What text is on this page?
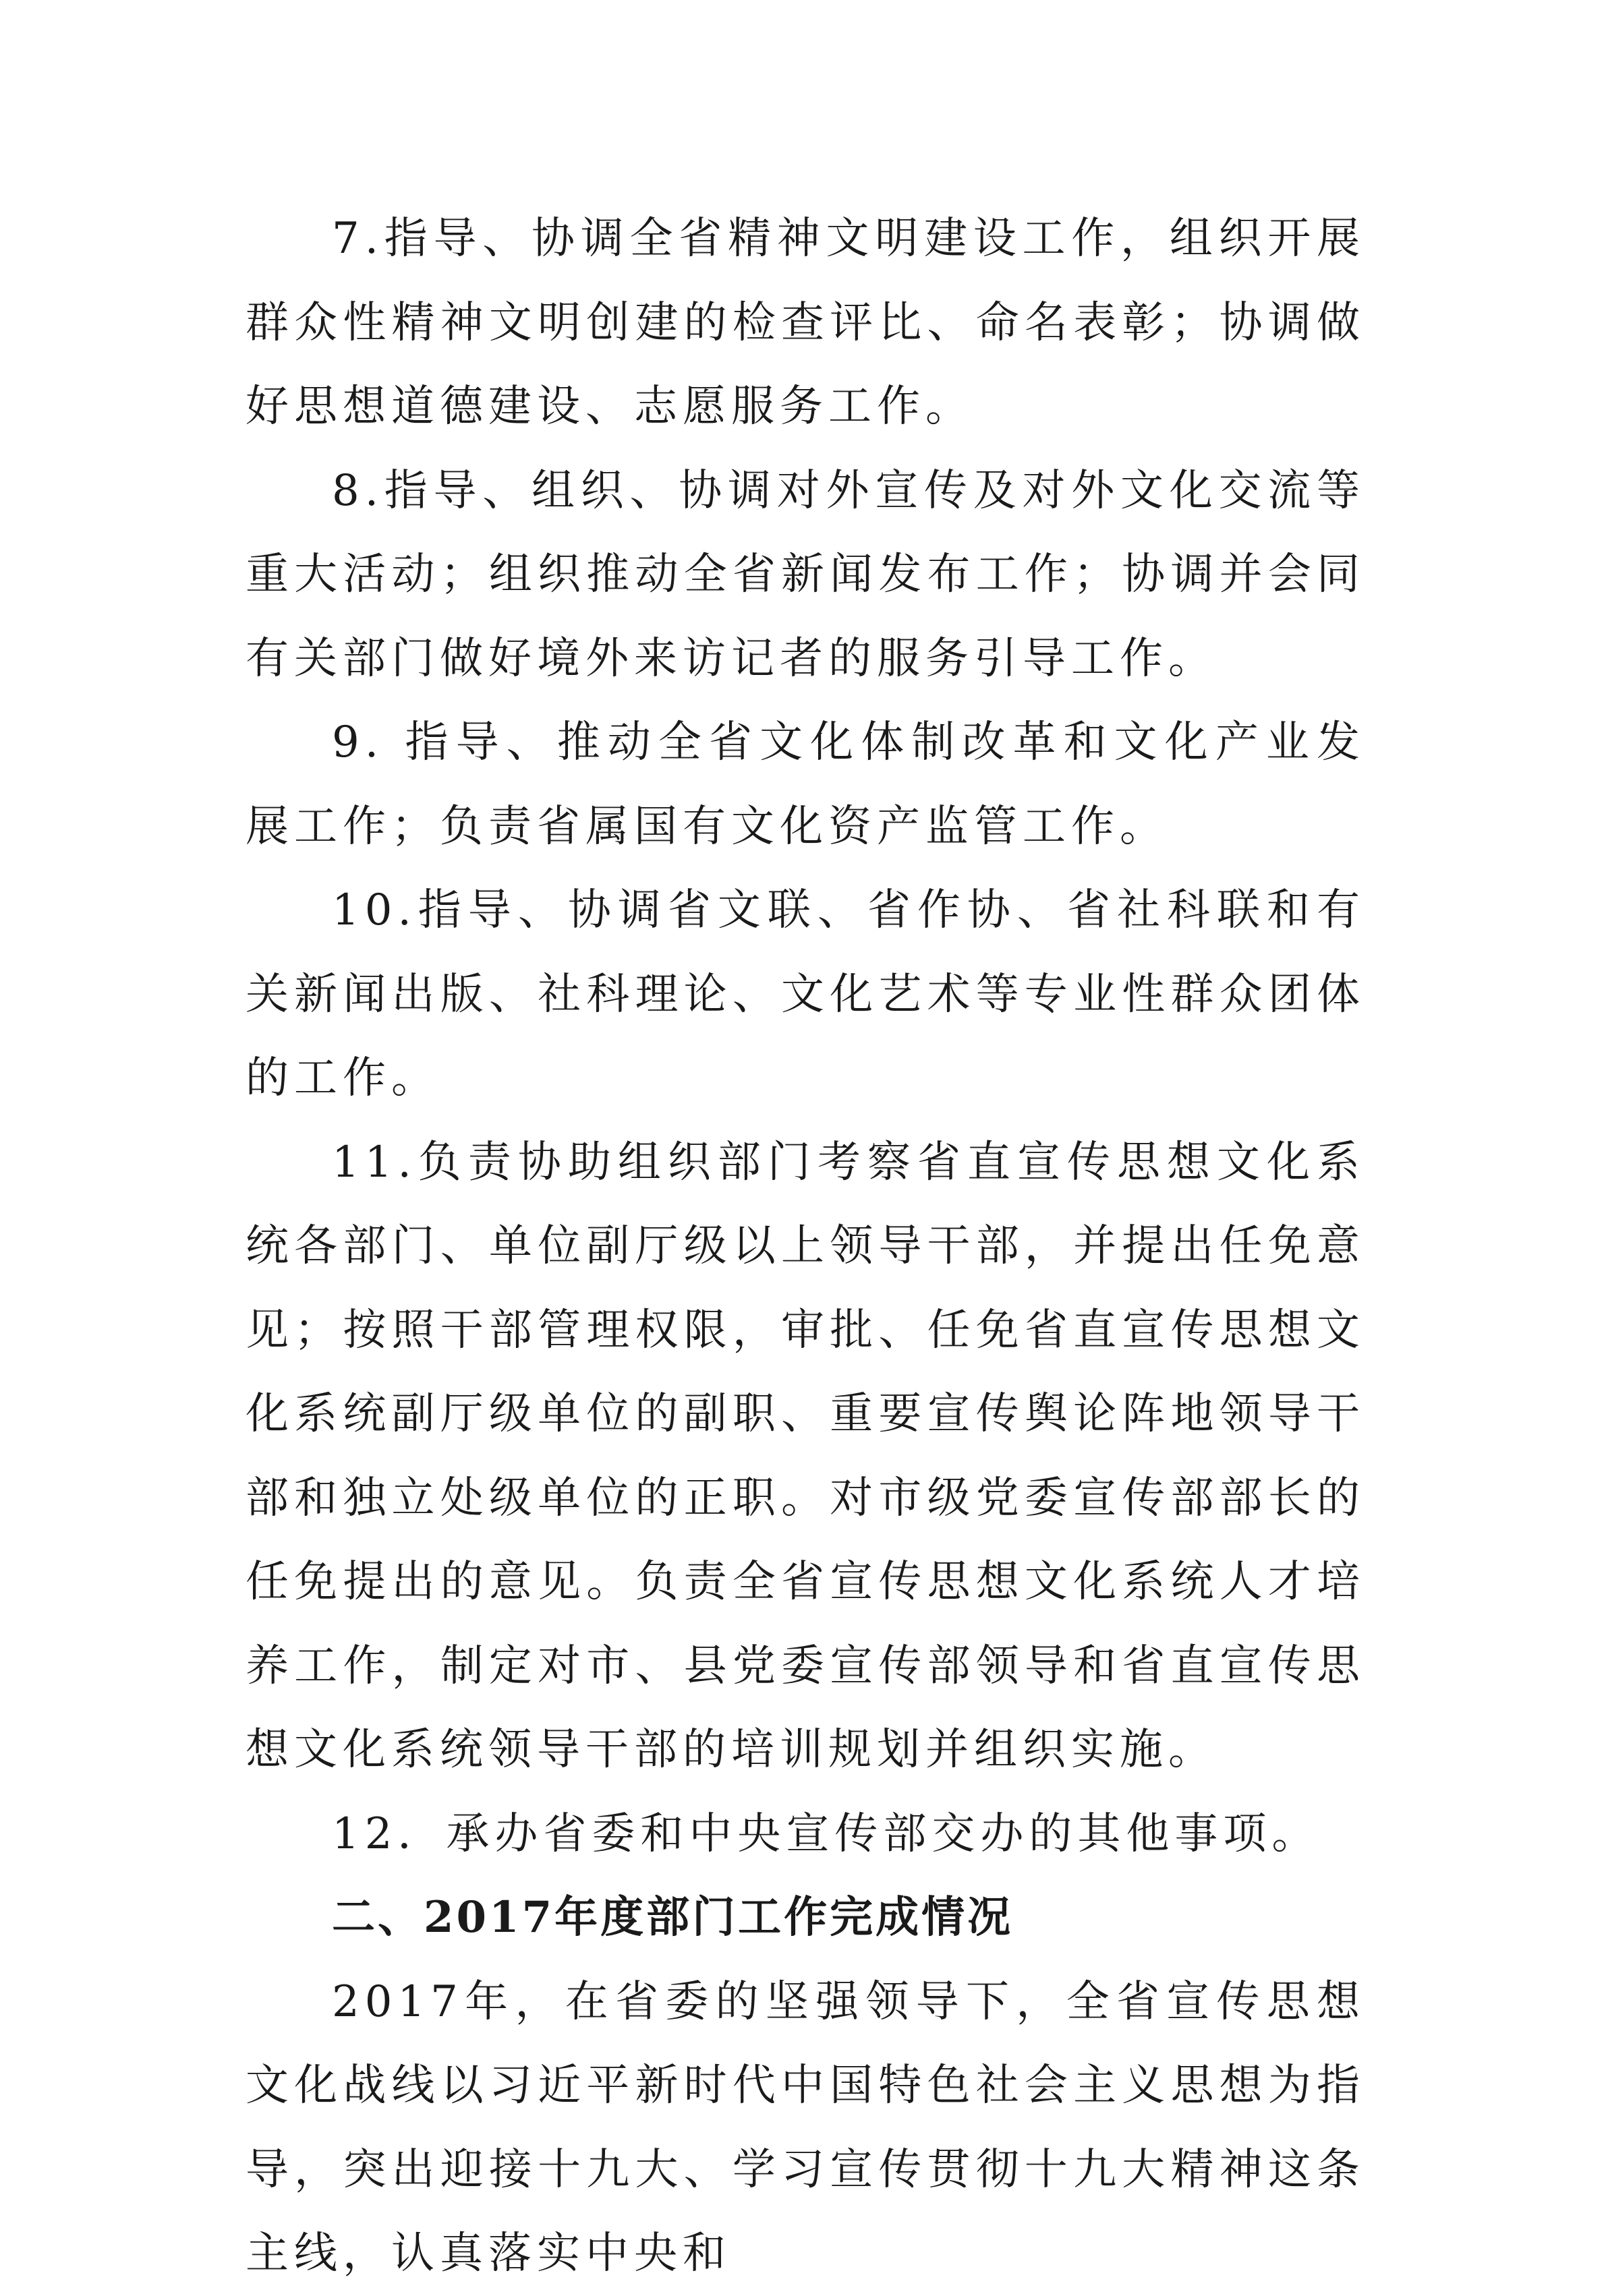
7.指导、协调全省精神文明建设工作，组织开展群众性精神文明创建的检查评比、命名表彰；协调做好思想道德建设、志愿服务工作。

8.指导、组织、协调对外宣传及对外文化交流等重大活动；组织推动全省新闻发布工作；协调并会同有关部门做好境外来访记者的服务引导工作。

9. 指导、推动全省文化体制改革和文化产业发展工作；负责省属国有文化资产监管工作。

10.指导、协调省文联、省作协、省社科联和有关新闻出版、社科理论、文化艺术等专业性群众团体的工作。

11.负责协助组织部门考察省直宣传思想文化系统各部门、单位副厅级以上领导干部，并提出任免意见；按照干部管理权限，审批、任免省直宣传思想文化系统副厅级单位的副职、重要宣传舆论阵地领导干部和独立处级单位的正职。对市级党委宣传部部长的任免提出的意见。负责全省宣传思想文化系统人才培养工作，制定对市、县党委宣传部领导和省直宣传思想文化系统领导干部的培训规划并组织实施。

12．承办省委和中央宣传部交办的其他事项。

二、2017年度部门工作完成情况

2017年，在省委的坚强领导下，全省宣传思想文化战线以习近平新时代中国特色社会主义思想为指导，突出迎接十九大、学习宣传贯彻十九大精神这条主线，认真落实中央和
